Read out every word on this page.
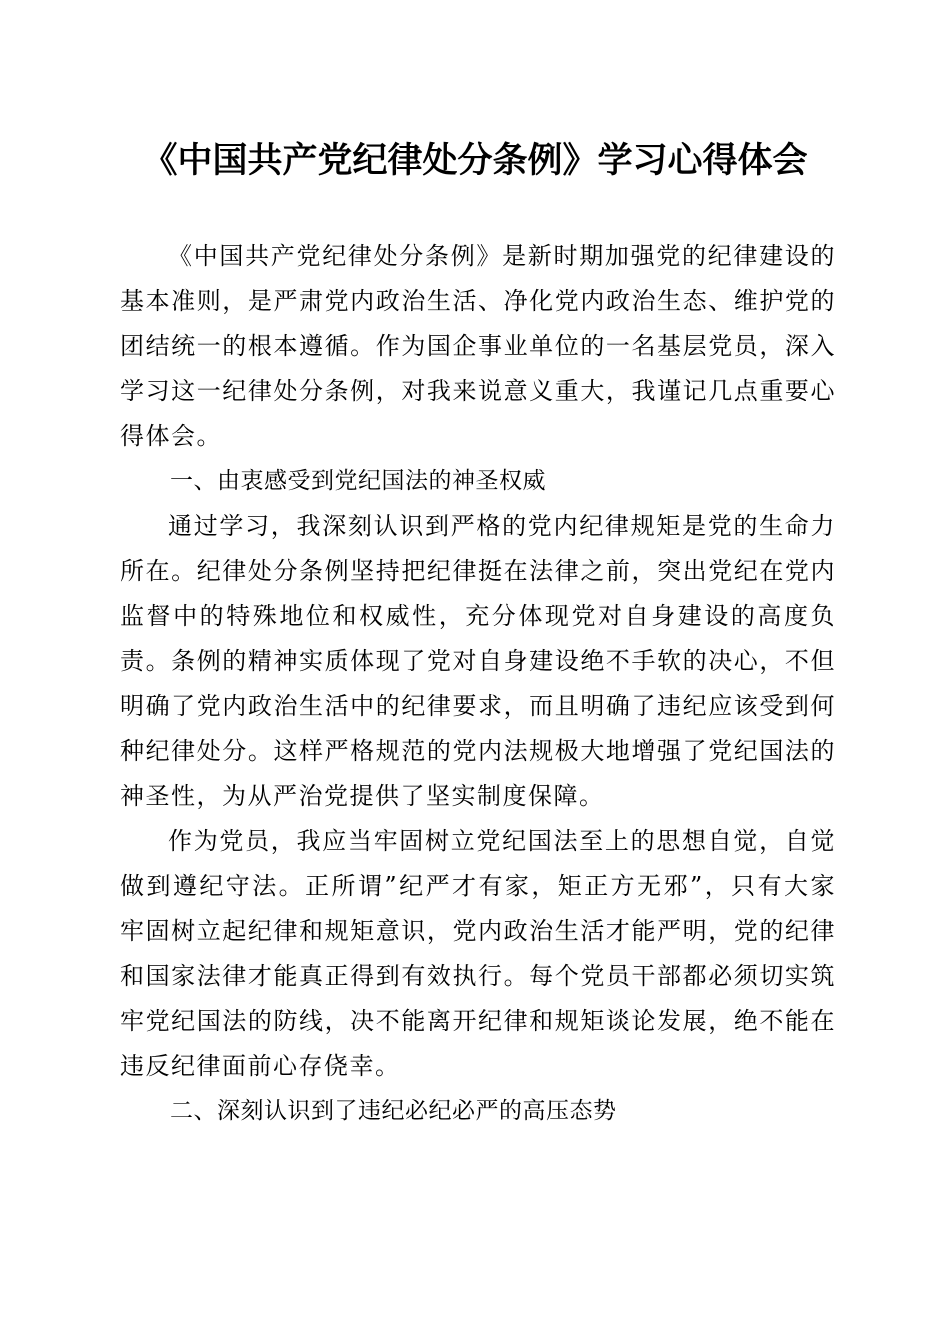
《中国共产党纪律处分条例》学习心得体会

《中国共产党纪律处分条例》是新时期加强党的纪律建设的基本准则，是严肃党内政治生活、净化党内政治生态、维护党的团结统一的根本遵循。作为国企事业单位的一名基层党员，深入学习这一纪律处分条例，对我来说意义重大，我谨记几点重要心得体会。

一、由衷感受到党纪国法的神圣权威

通过学习，我深刻认识到严格的党内纪律规矩是党的生命力所在。纪律处分条例坚持把纪律挺在法律之前，突出党纪在党内监督中的特殊地位和权威性，充分体现党对自身建设的高度负责。条例的精神实质体现了党对自身建设绝不手软的决心，不但明确了党内政治生活中的纪律要求，而且明确了违纪应该受到何种纪律处分。这样严格规范的党内法规极大地增强了党纪国法的神圣性，为从严治党提供了坚实制度保障。

作为党员，我应当牢固树立党纪国法至上的思想自觉，自觉做到遵纪守法。正所谓”纪严才有家，矩正方无邪”，只有大家牢固树立起纪律和规矩意识，党内政治生活才能严明，党的纪律和国家法律才能真正得到有效执行。每个党员干部都必须切实筑牢党纪国法的防线，决不能离开纪律和规矩谈论发展，绝不能在违反纪律面前心存侥幸。

二、深刻认识到了违纪必纪必严的高压态势
